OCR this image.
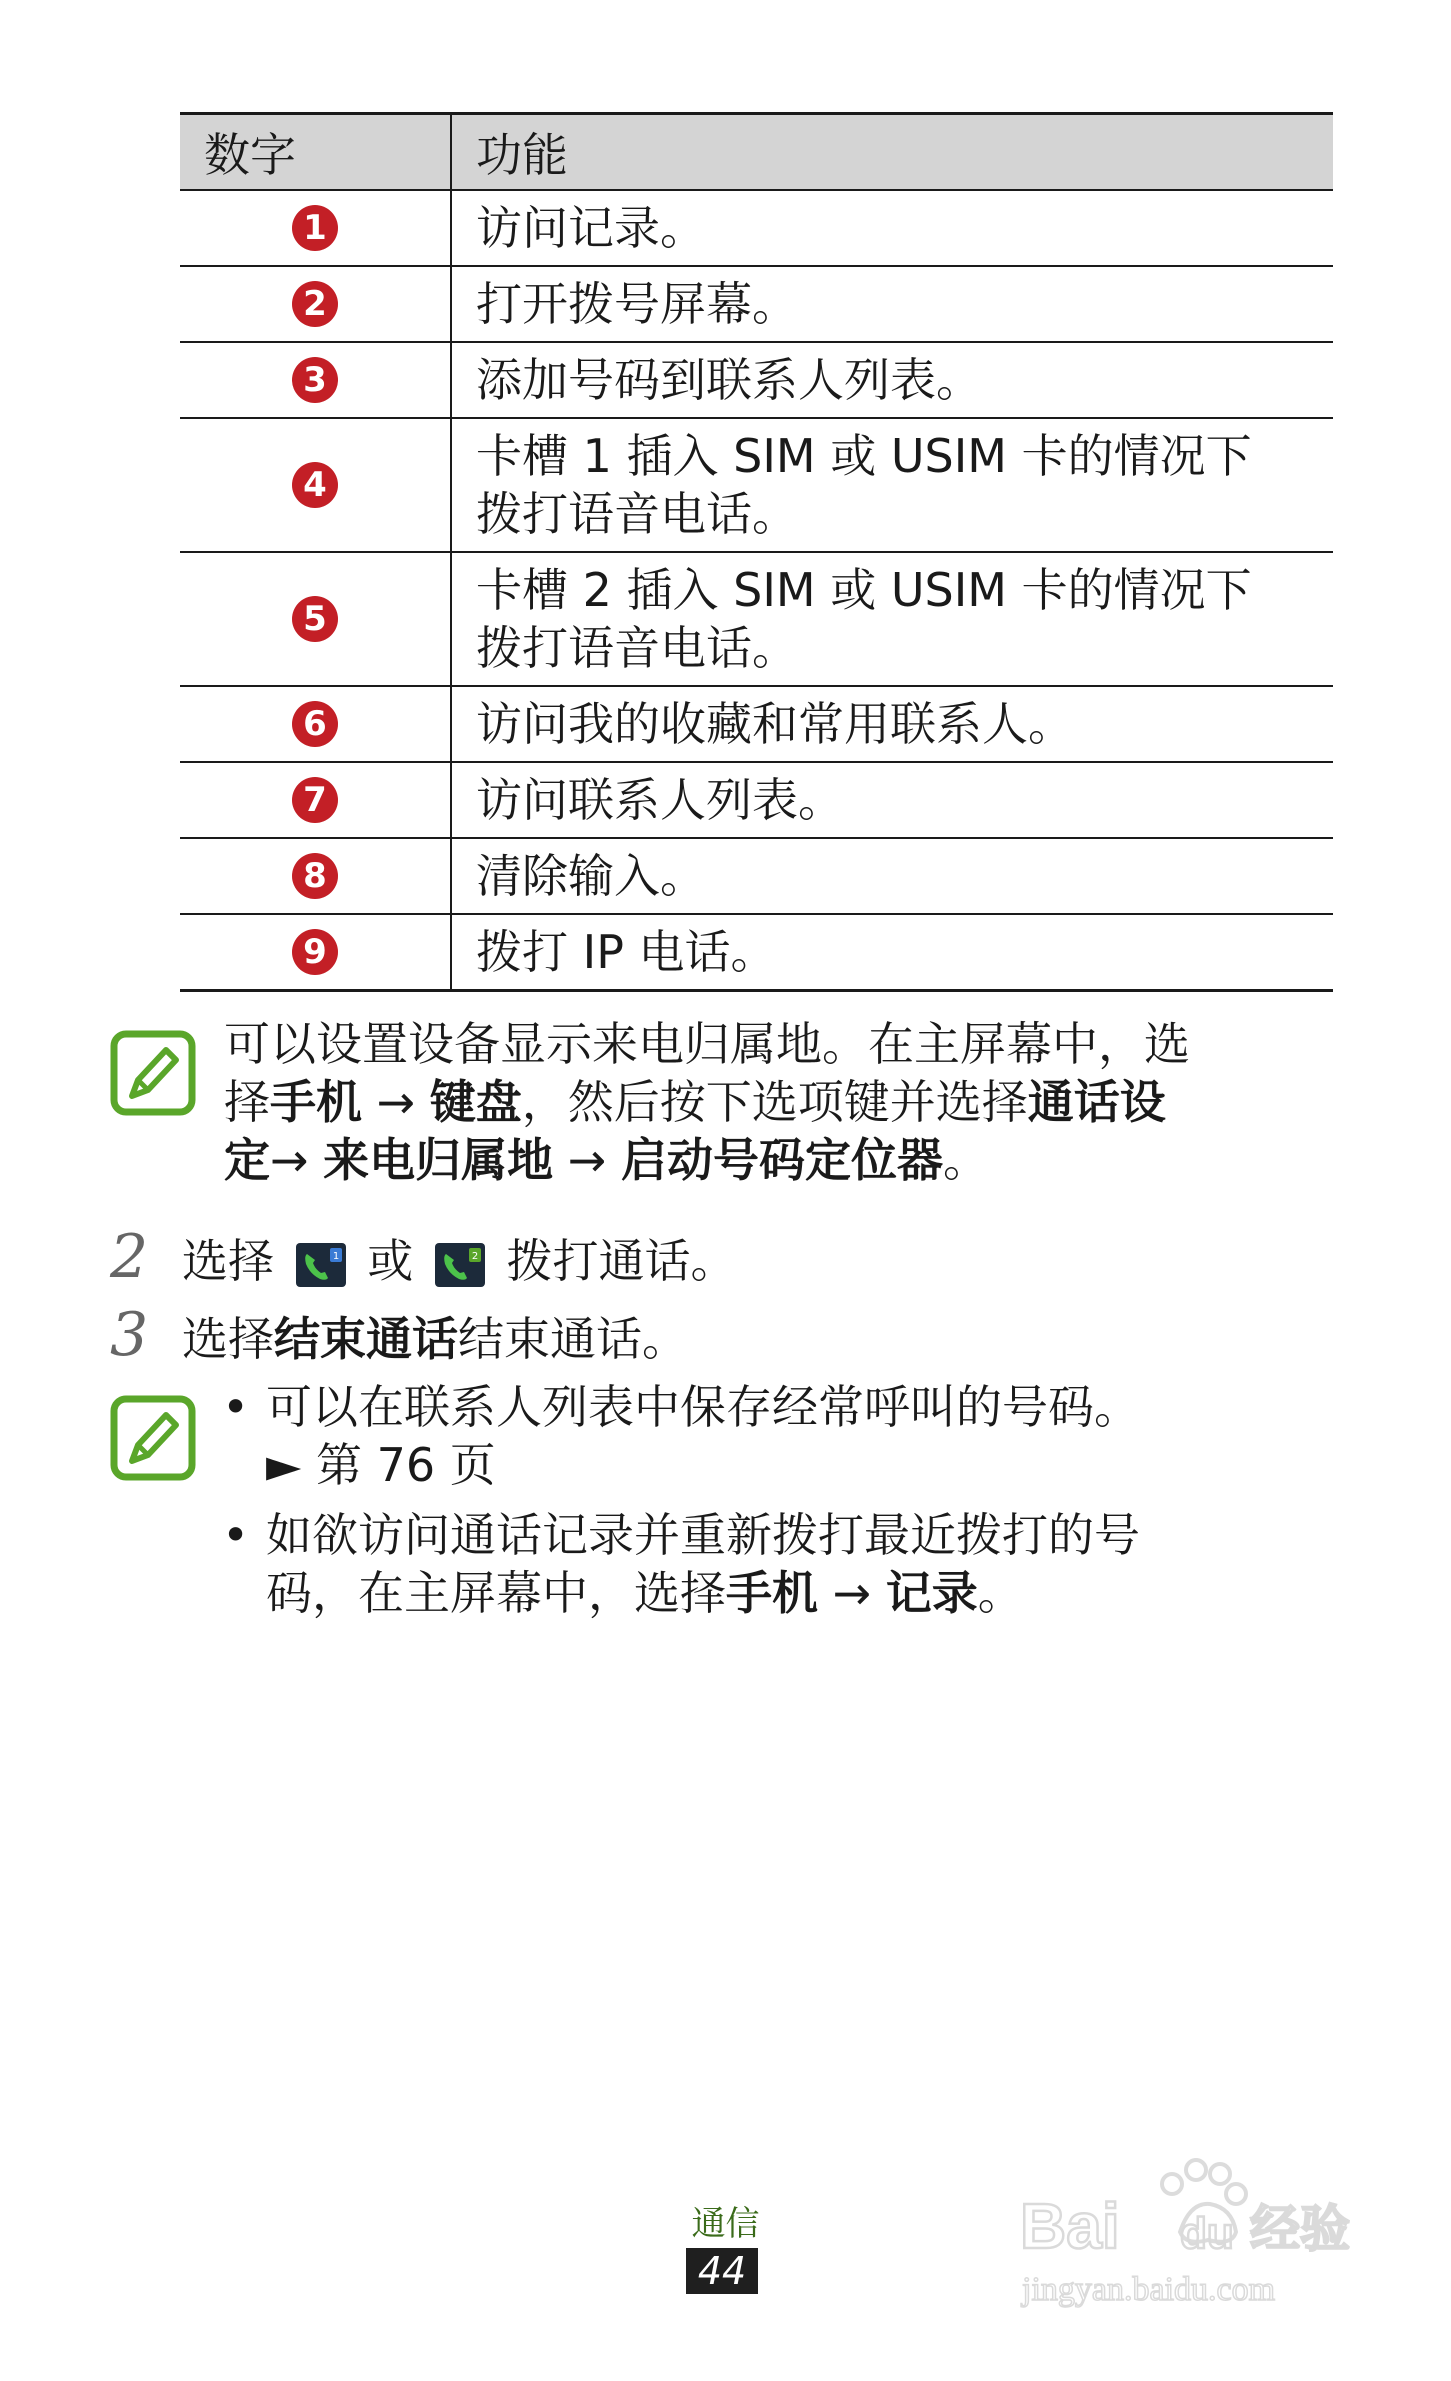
数字	功能
1	访问记录。
2	打开拨号屏幕。
3	添加号码到联系人列表。
4	卡槽 1 插入 SIM 或 USIM 卡的情况下
拨打语音电话。

5	卡槽 2 插入 SIM 或 USIM 卡的情况下
拨打语音电话。

6	访问我的收藏和常用联系人。
7	访问联系人列表。
8	清除输入。
9	拨打 IP 电话。
可以设置设备显示来电归属地。在主屏幕中，选
择手机 → 键盘，然后按下选项键并选择通话设
定→ 来电归属地 → 启动号码定位器。
2 选择	1 或	2 拨打通话。
3 选择结束通话结束通话。
• 可以在联系人列表中保存经常呼叫的号码。
► 第 76 页
• 如欲访问通话记录并重新拨打最近拨打的号
码，在主屏幕中，选择手机 → 记录。
通信
44
Bai du 经验
jingyan.baidu.com
